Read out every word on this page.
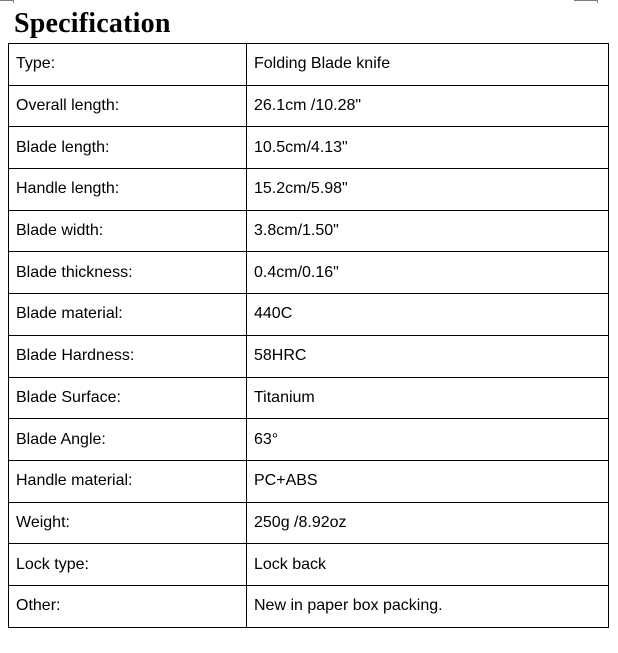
Specification
Type:	Folding Blade knife
Overall length:	26.1cm /10.28"
Blade length:	10.5cm/4.13"
Handle length:	15.2cm/5.98"
Blade width:	3.8cm/1.50"
Blade thickness:	0.4cm/0.16"
Blade material:	440C
Blade Hardness:	58HRC
Blade Surface:	Titanium
Blade Angle:	63°
Handle material:	PC+ABS
Weight:	250g /8.92oz
Lock type:	Lock back
Other:	New in paper box packing.
